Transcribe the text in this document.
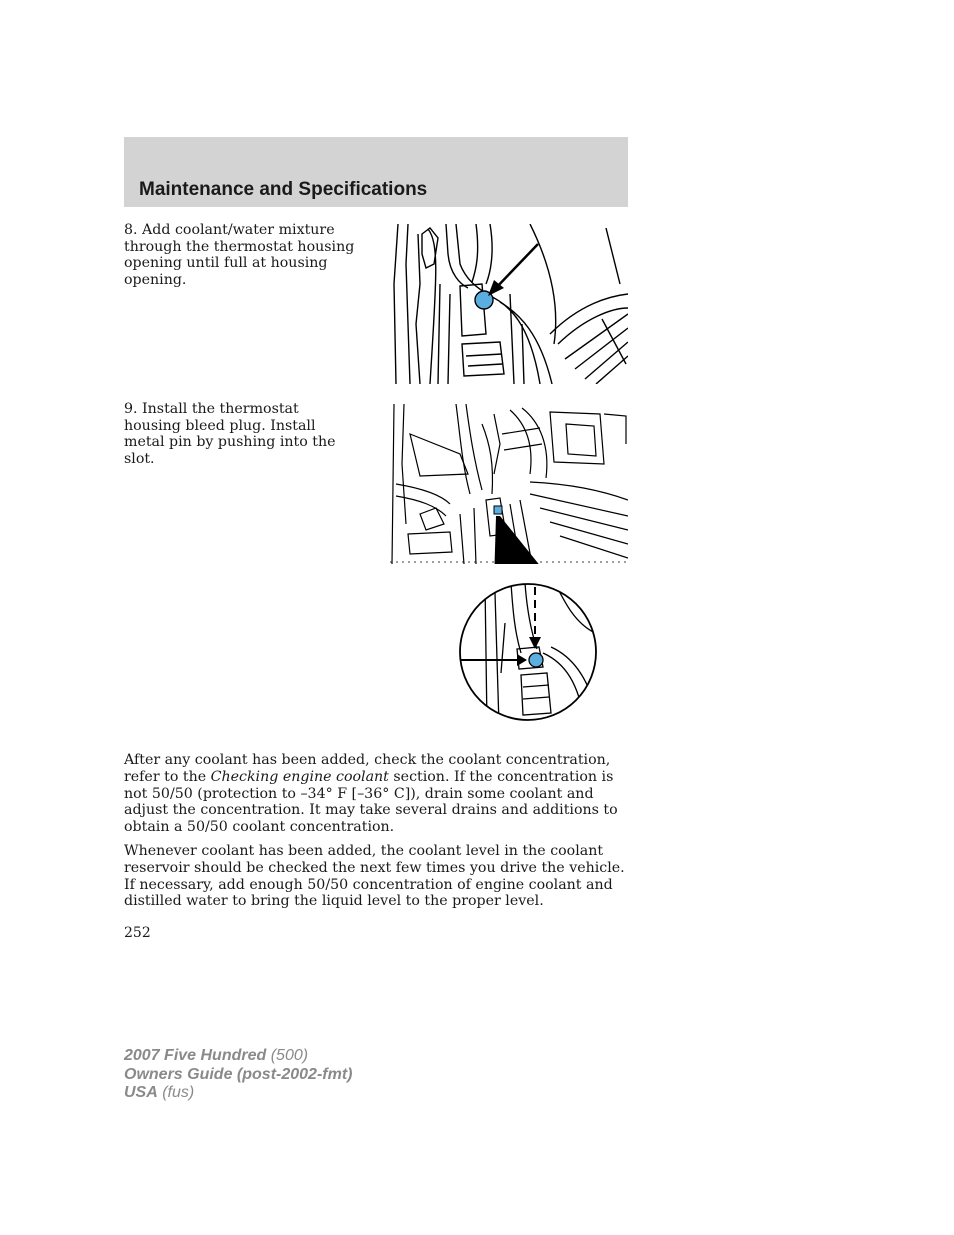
Maintenance and Specifications

8. Add coolant/water mixture through the thermostat housing opening until full at housing opening.

9. Install the thermostat housing bleed plug. Install metal pin by pushing into the slot.

After any coolant has been added, check the coolant concentration, refer to the Checking engine coolant section. If the concentration is not 50/50 (protection to –34° F [–36° C]), drain some coolant and adjust the concentration. It may take several drains and additions to obtain a 50/50 coolant concentration.

Whenever coolant has been added, the coolant level in the coolant reservoir should be checked the next few times you drive the vehicle. If necessary, add enough 50/50 concentration of engine coolant and distilled water to bring the liquid level to the proper level.

252

2007 Five Hundred (500)
Owners Guide (post-2002-fmt)
USA (fus)
